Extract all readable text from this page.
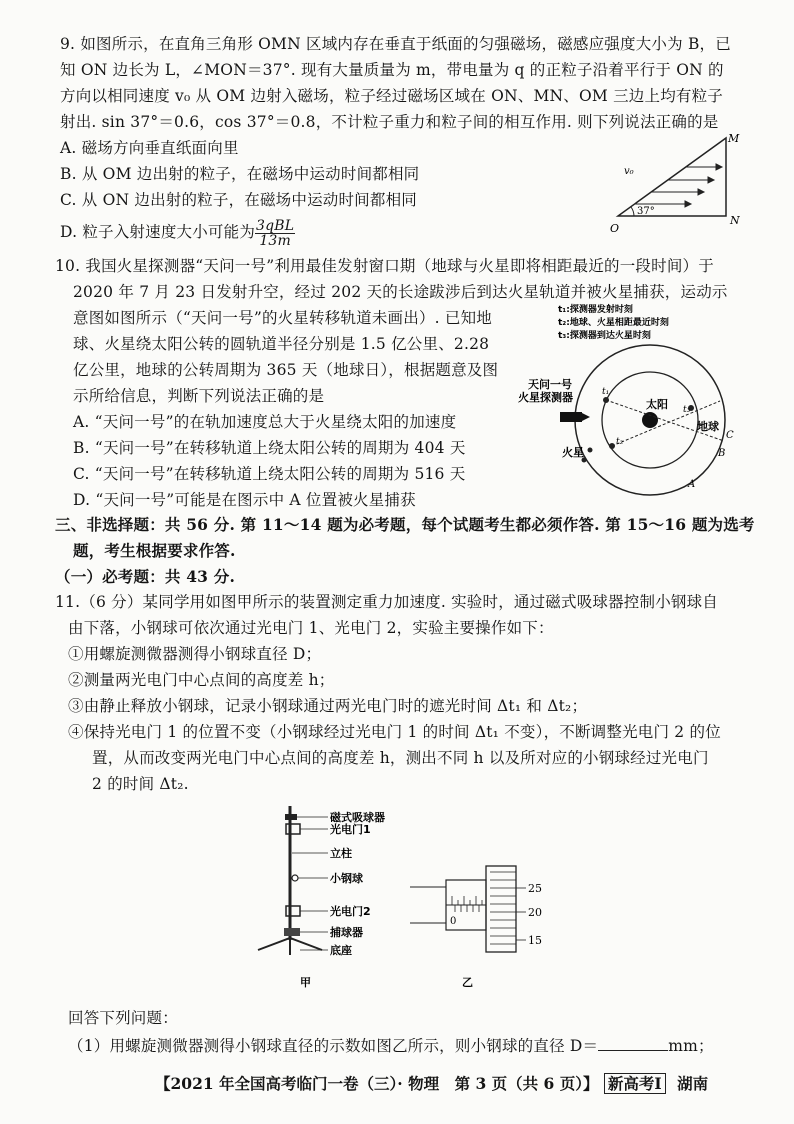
9. 如图所示，在直角三角形 OMN 区域内存在垂直于纸面的匀强磁场，磁感应强度大小为 B，已
知 ON 边长为 L，∠MON＝37°. 现有大量质量为 m，带电量为 q 的正粒子沿着平行于 ON 的
方向以相同速度 v₀ 从 OM 边射入磁场，粒子经过磁场区域在 ON、MN、OM 三边上均有粒子
射出. sin 37°＝0.6，cos 37°＝0.8，不计粒子重力和粒子间的相互作用. 则下列说法正确的是
A. 磁场方向垂直纸面向里
B. 从 OM 边出射的粒子，在磁场中运动时间都相同
C. 从 ON 边出射的粒子，在磁场中运动时间都相同
D. 粒子入射速度大小可能为 $\frac{\text{3qBL}}{13m}$	O
N
M
v₀
37°
10. 我国火星探测器“天问一号”利用最佳发射窗口期（地球与火星即将相距最近的一段时间）于
2020 年 7 月 23 日发射升空，经过 202 天的长途跋涉后到达火星轨道并被火星捕获，运动示
意图如图所示（“天问一号”的火星转移轨道未画出）. 已知地
球、火星绕太阳公转的圆轨道半径分别是 1.5 亿公里、2.28
亿公里，地球的公转周期为 365 天（地球日），根据题意及图
示所给信息，判断下列说法正确的是
A. “天问一号”的在轨加速度总大于火星绕太阳的加速度
B. “天问一号”在转移轨道上绕太阳公转的周期为 404 天
C. “天问一号”在转移轨道上绕太阳公转的周期为 516 天
D. “天问一号”可能是在图示中 A 位置被火星捕获
t₁:探测器发射时刻
t₂:地球、火星相距最近时刻
t₃:探测器到达火星时刻
天问一号
火星探测器
太阳
地球
火星
t₁
t₂
t₃
A
B
C
三、非选择题：共 56 分. 第 11～14 题为必考题，每个试题考生都必须作答. 第 15～16 题为选考
题，考生根据要求作答.
（一）必考题：共 43 分.
11.（6 分）某同学用如图甲所示的装置测定重力加速度. 实验时，通过磁式吸球器控制小钢球自
由下落，小钢球可依次通过光电门 1、光电门 2，实验主要操作如下：
①用螺旋测微器测得小钢球直径 D；
②测量两光电门中心点间的高度差 h；
③由静止释放小钢球，记录小钢球通过两光电门时的遮光时间 Δt₁ 和 Δt₂；
④保持光电门 1 的位置不变（小钢球经过光电门 1 的时间 Δt₁ 不变），不断调整光电门 2 的位
置，从而改变两光电门中心点间的高度差 h，测出不同 h 以及所对应的小钢球经过光电门
2 的时间 Δt₂.
磁式吸球器
光电门1
立柱
小钢球
光电门2
捕球器
底座
甲
25
20
15
0
乙
回答下列问题：
（1）用螺旋测微器测得小钢球直径的示数如图乙所示，则小钢球的直径 D＝	mm；
【2021 年全国高考临门一卷（三）· 物理　第 3 页（共 6 页）】 新高考Ⅰ 湖南
